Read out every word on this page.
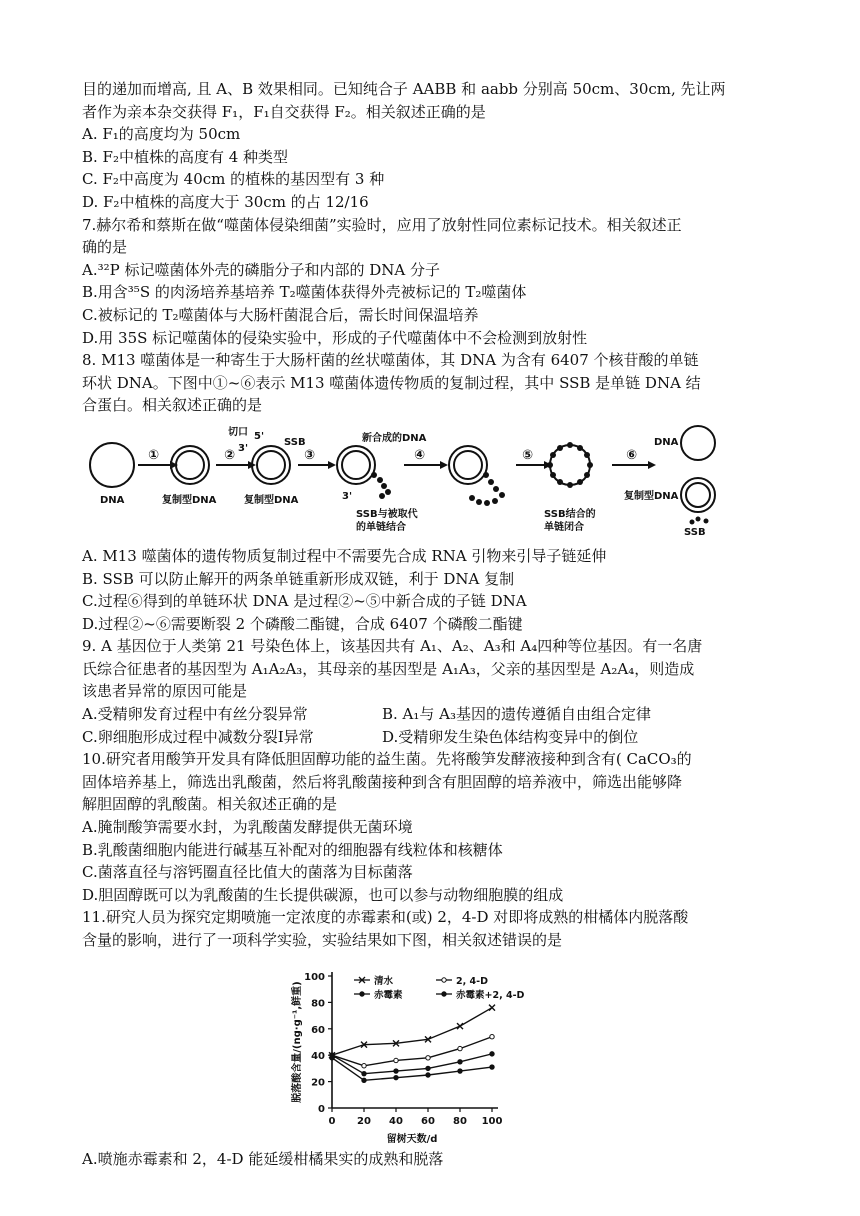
目的递加而增高, 且 A、B 效果相同。已知纯合子 AABB 和 aabb 分别高 50cm、30cm, 先让两
者作为亲本杂交获得 F₁，F₁自交获得 F₂。相关叙述正确的是
A. F₁的高度均为 50cm
B. F₂中植株的高度有 4 种类型
C. F₂中高度为 40cm 的植株的基因型有 3 种
D. F₂中植株的高度大于 30cm 的占 12/16
7.赫尔希和蔡斯在做“噬菌体侵染细菌”实验时，应用了放射性同位素标记技术。相关叙述正
确的是
A.³²P 标记噬菌体外壳的磷脂分子和内部的 DNA 分子
B.用含³⁵S 的肉汤培养基培养 T₂噬菌体获得外壳被标记的 T₂噬菌体
C.被标记的 T₂噬菌体与大肠杆菌混合后，需长时间保温培养
D.用 35S 标记噬菌体的侵染实验中，形成的子代噬菌体中不会检测到放射性
8. M13 噬菌体是一种寄生于大肠杆菌的丝状噬菌体，其 DNA 为含有 6407 个核苷酸的单链
环状 DNA。下图中①~⑥表示 M13 噬菌体遗传物质的复制过程，其中 SSB 是单链 DNA 结
合蛋白。相关叙述正确的是
①	②	③	④	⑤	⑥
DNA	复制型DNA	复制型DNA
切口 5'
3'
SSB	新合成的DNA
3'
SSB与被取代
的单链结合
SSB结合的
单链闭合
复制型DNA
DNA
SSB
A. M13 噬菌体的遗传物质复制过程中不需要先合成 RNA 引物来引导子链延伸
B. SSB 可以防止解开的两条单链重新形成双链，利于 DNA 复制
C.过程⑥得到的单链环状 DNA 是过程②~⑤中新合成的子链 DNA
D.过程②~⑥需要断裂 2 个磷酸二酯键，合成 6407 个磷酸二酯键
9. A 基因位于人类第 21 号染色体上，该基因共有 A₁、A₂、A₃和 A₄四种等位基因。有一名唐
氏综合征患者的基因型为 A₁A₂A₃，其母亲的基因型是 A₁A₃，父亲的基因型是 A₂A₄，则造成
该患者异常的原因可能是
A.受精卵发育过程中有丝分裂异常	B. A₁与 A₃基因的遗传遵循自由组合定律
C.卵细胞形成过程中减数分裂Ⅰ异常	D.受精卵发生染色体结构变异中的倒位
10.研究者用酸笋开发具有降低胆固醇功能的益生菌。先将酸笋发酵液接种到含有( CaCO₃的
固体培养基上，筛选出乳酸菌，然后将乳酸菌接种到含有胆固醇的培养液中，筛选出能够降
解胆固醇的乳酸菌。相关叙述正确的是
A.腌制酸笋需要水封，为乳酸菌发酵提供无菌环境
B.乳酸菌细胞内能进行碱基互补配对的细胞器有线粒体和核糖体
C.菌落直径与溶钙圈直径比值大的菌落为目标菌落
D.胆固醇既可以为乳酸菌的生长提供碳源，也可以参与动物细胞膜的组成
11.研究人员为探究定期喷施一定浓度的赤霉素和(或) 2，4-D 对即将成熟的柑橘体内脱落酸
含量的影响，进行了一项科学实验，实验结果如下图，相关叙述错误的是
0
20
40
60
80
100
0 20 40 60 80 100
脱落酸含量/(ng·g⁻¹,鲜重)
留树天数/d
清水	2, 4-D
赤霉素	赤霉素+2, 4-D
A.喷施赤霉素和 2，4-D 能延缓柑橘果实的成熟和脱落
